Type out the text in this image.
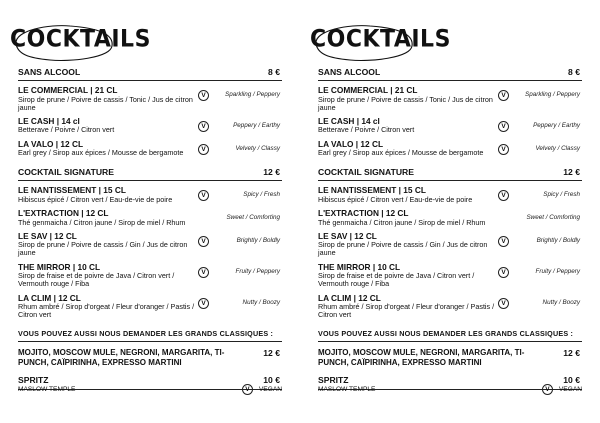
COCKTAILS
SANS ALCOOL	8 €
LE COMMERCIAL | 21 CL
Sirop de prune / Poivre de cassis / Tonic / Jus de citron jaune
V	Sparkling / Peppery
LE CASH | 14 cl
Betterave / Poivre / Citron vert	V	Peppery / Earthy
LA VALO | 12 CL
Earl grey / Sirop aux épices / Mousse de bergamote	V	Velvety / Classy
COCKTAIL SIGNATURE	12 €
LE NANTISSEMENT | 15 CL
Hibiscus épicé / Citron vert / Eau-de-vie de poire	V	Spicy / Fresh
L'EXTRACTION | 12 CL
Thé genmaicha / Citron jaune / Sirop de miel / Rhum	Sweet / Comforting
LE SAV | 12 CL
Sirop de prune / Poivre de cassis / Gin / Jus de citron jaune
V	Brightly / Boldly
THE MIRROR | 10 CL
Sirop de fraise et de poivre de Java / Citron vert / Vermouth rouge / Fiba
V	Fruity / Peppery
LA CLIM | 12 CL
Rhum ambré / Sirop d'orgeat / Fleur d'oranger / Pastis / Citron vert
V	Nutty / Boozy
VOUS POUVEZ AUSSI NOUS DEMANDER LES GRANDS CLASSIQUES :
MOJITO, MOSCOW MULE, NEGRONI, MARGARITA, TI-PUNCH, CAÏPIRINHA, EXPRESSO MARTINI
12 €
SPRITZ	10 €
MASLOW TEMPLE	V	VEGAN
COCKTAILS
SANS ALCOOL	8 €
LE COMMERCIAL | 21 CL
Sirop de prune / Poivre de cassis / Tonic / Jus de citron jaune
V	Sparkling / Peppery
LE CASH | 14 cl
Betterave / Poivre / Citron vert	V	Peppery / Earthy
LA VALO | 12 CL
Earl grey / Sirop aux épices / Mousse de bergamote	V	Velvety / Classy
COCKTAIL SIGNATURE	12 €
LE NANTISSEMENT | 15 CL
Hibiscus épicé / Citron vert / Eau-de-vie de poire	V	Spicy / Fresh
L'EXTRACTION | 12 CL
Thé genmaicha / Citron jaune / Sirop de miel / Rhum	Sweet / Comforting
LE SAV | 12 CL
Sirop de prune / Poivre de cassis / Gin / Jus de citron jaune
V	Brightly / Boldly
THE MIRROR | 10 CL
Sirop de fraise et de poivre de Java / Citron vert / Vermouth rouge / Fiba
V	Fruity / Peppery
LA CLIM | 12 CL
Rhum ambré / Sirop d'orgeat / Fleur d'oranger / Pastis / Citron vert
V	Nutty / Boozy
VOUS POUVEZ AUSSI NOUS DEMANDER LES GRANDS CLASSIQUES :
MOJITO, MOSCOW MULE, NEGRONI, MARGARITA, TI-PUNCH, CAÏPIRINHA, EXPRESSO MARTINI
12 €
SPRITZ	10 €
MASLOW TEMPLE	V	VEGAN
